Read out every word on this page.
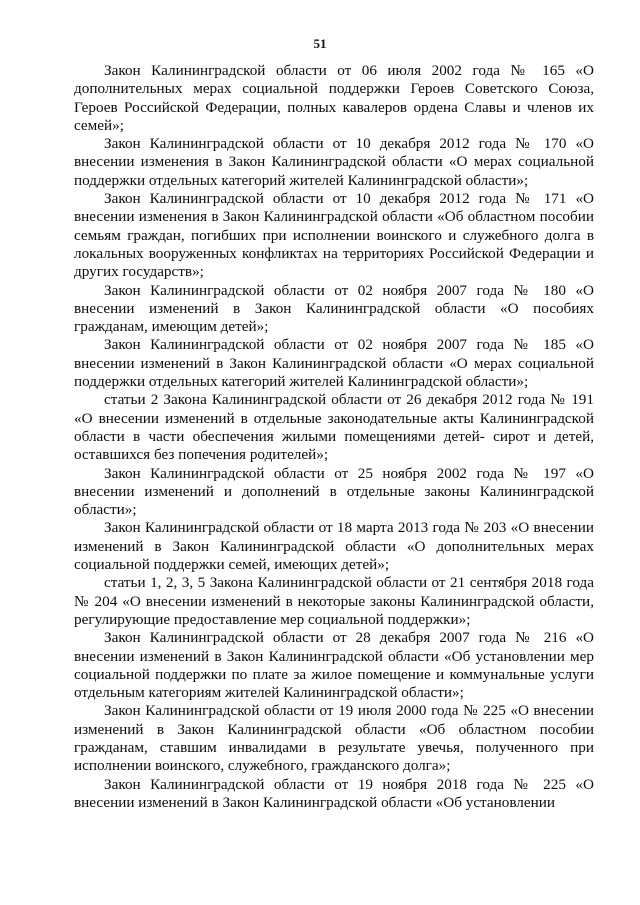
51

Закон Калининградской области от 06 июля 2002 года № 165 «О дополнительных мерах социальной поддержки Героев Советского Союза, Героев Российской Федерации, полных кавалеров ордена Славы и членов их семей»;

Закон Калининградской области от 10 декабря 2012 года № 170 «О внесении изменения в Закон Калининградской области «О мерах социальной поддержки отдельных категорий жителей Калининградской области»;

Закон Калининградской области от 10 декабря 2012 года № 171 «О внесении изменения в Закон Калининградской области «Об областном пособии семьям граждан, погибших при исполнении воинского и служебного долга в локальных вооруженных конфликтах на территориях Российской Федерации и других государств»;

Закон Калининградской области от 02 ноября 2007 года № 180 «О внесении изменений в Закон Калининградской области «О пособиях гражданам, имеющим детей»;

Закон Калининградской области от 02 ноября 2007 года № 185 «О внесении изменений в Закон Калининградской области «О мерах социальной поддержки отдельных категорий жителей Калининградской области»;

статьи 2 Закона Калининградской области от 26 декабря 2012 года № 191 «О внесении изменений в отдельные законодательные акты Калининградской области в части обеспечения жилыми помещениями детей- сирот и детей, оставшихся без попечения родителей»;

Закон Калининградской области от 25 ноября 2002 года № 197 «О внесении изменений и дополнений в отдельные законы Калининградской области»;

Закон Калининградской области от 18 марта 2013 года № 203 «О внесении изменений в Закон Калининградской области «О дополнительных мерах социальной поддержки семей, имеющих детей»;

статьи 1, 2, 3, 5 Закона Калининградской области от 21 сентября 2018 года № 204 «О внесении изменений в некоторые законы Калининградской области, регулирующие предоставление мер социальной поддержки»;

Закон Калининградской области от 28 декабря 2007 года № 216 «О внесении изменений в Закон Калининградской области «Об установлении мер социальной поддержки по плате за жилое помещение и коммунальные услуги отдельным категориям жителей Калининградской области»;

Закон Калининградской области от 19 июля 2000 года № 225 «О внесении изменений в Закон Калининградской области «Об областном пособии гражданам, ставшим инвалидами в результате увечья, полученного при исполнении воинского, служебного, гражданского долга»;

Закон Калининградской области от 19 ноября 2018 года № 225 «О внесении изменений в Закон Калининградской области «Об установлении
